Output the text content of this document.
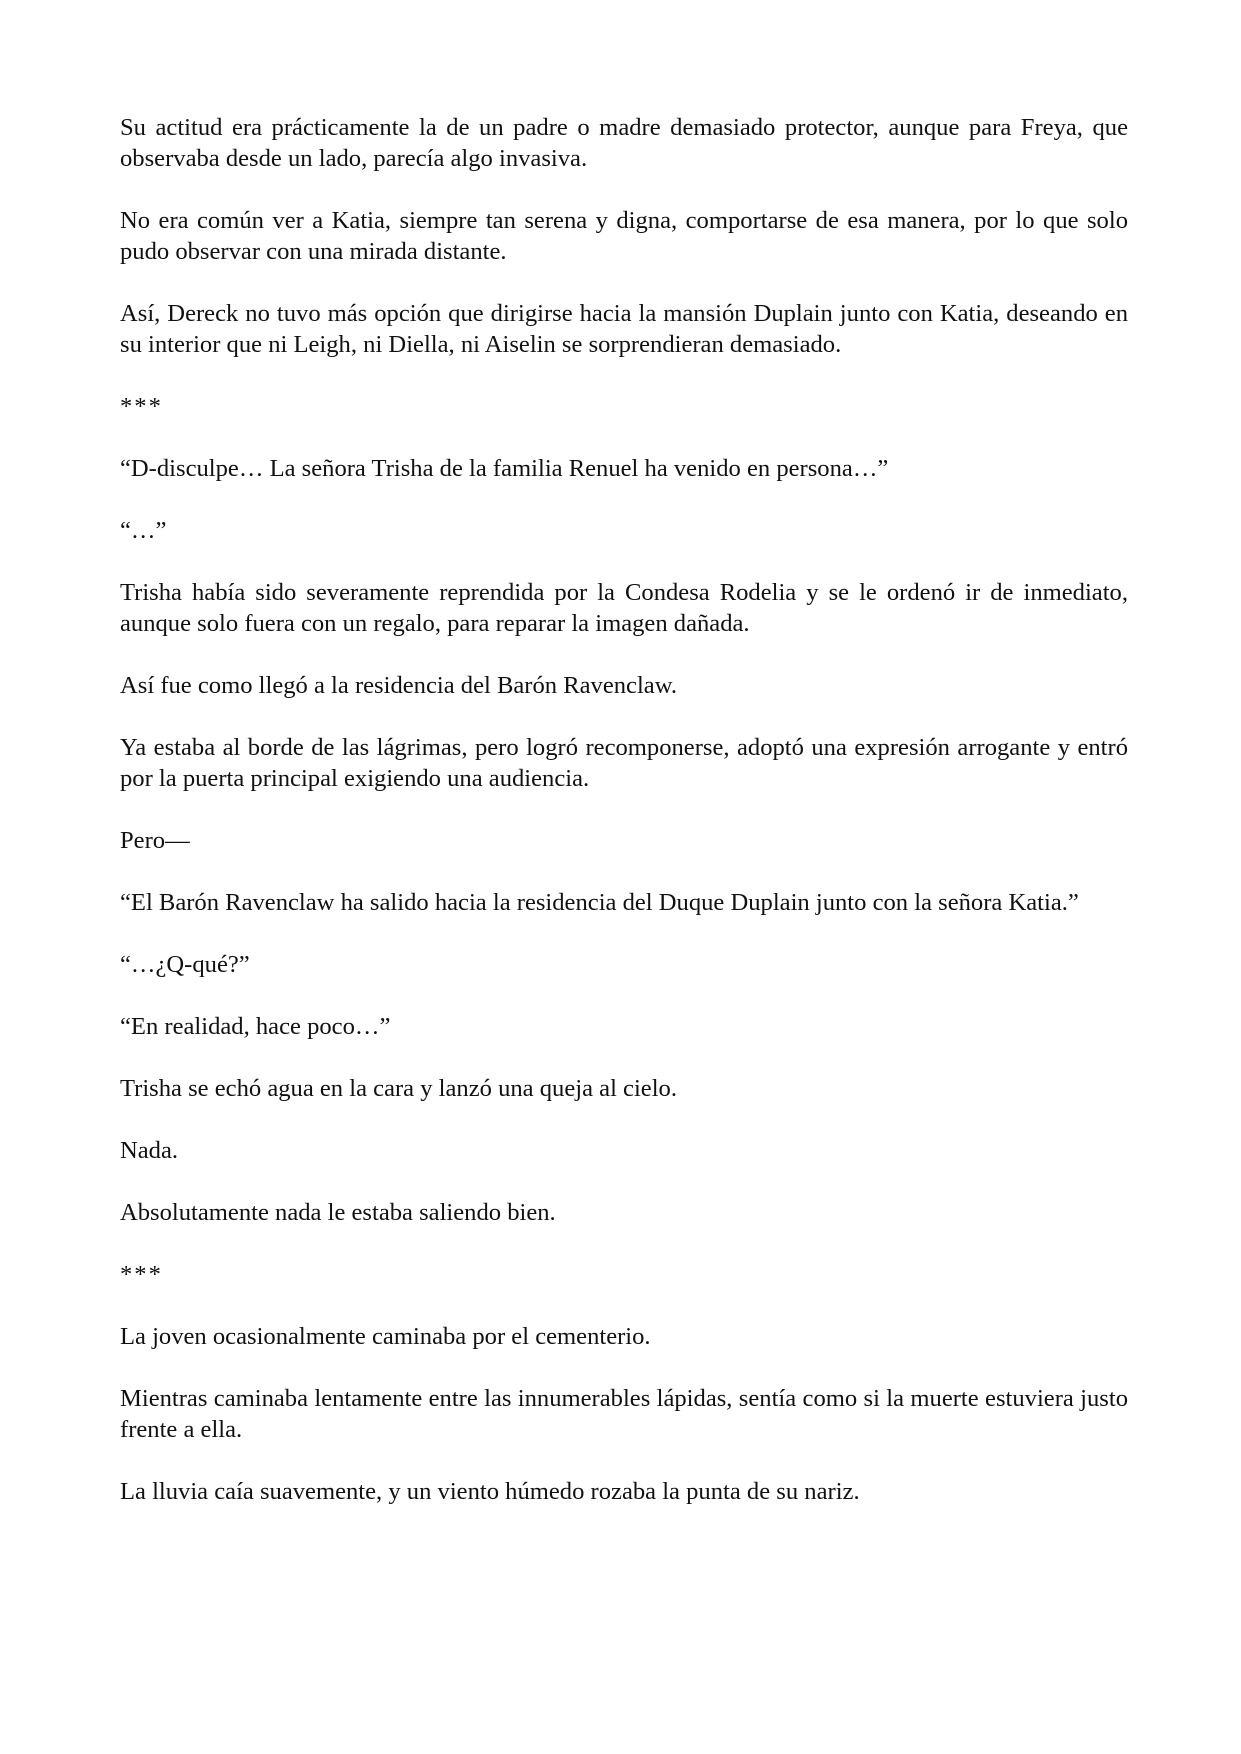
Su actitud era prácticamente la de un padre o madre demasiado protector, aunque para Freya, que observaba desde un lado, parecía algo invasiva.

No era común ver a Katia, siempre tan serena y digna, comportarse de esa manera, por lo que solo pudo observar con una mirada distante.

Así, Dereck no tuvo más opción que dirigirse hacia la mansión Duplain junto con Katia, deseando en su interior que ni Leigh, ni Diella, ni Aiselin se sorprendieran demasiado.

***

“D-disculpe… La señora Trisha de la familia Renuel ha venido en persona…”

“…”

Trisha había sido severamente reprendida por la Condesa Rodelia y se le ordenó ir de inmediato, aunque solo fuera con un regalo, para reparar la imagen dañada.

Así fue como llegó a la residencia del Barón Ravenclaw.

Ya estaba al borde de las lágrimas, pero logró recomponerse, adoptó una expresión arrogante y entró por la puerta principal exigiendo una audiencia.

Pero—

“El Barón Ravenclaw ha salido hacia la residencia del Duque Duplain junto con la señora Katia.”

“…¿Q-qué?”

“En realidad, hace poco…”

Trisha se echó agua en la cara y lanzó una queja al cielo.

Nada.

Absolutamente nada le estaba saliendo bien.

***

La joven ocasionalmente caminaba por el cementerio.

Mientras caminaba lentamente entre las innumerables lápidas, sentía como si la muerte estuviera justo frente a ella.

La lluvia caía suavemente, y un viento húmedo rozaba la punta de su nariz.
